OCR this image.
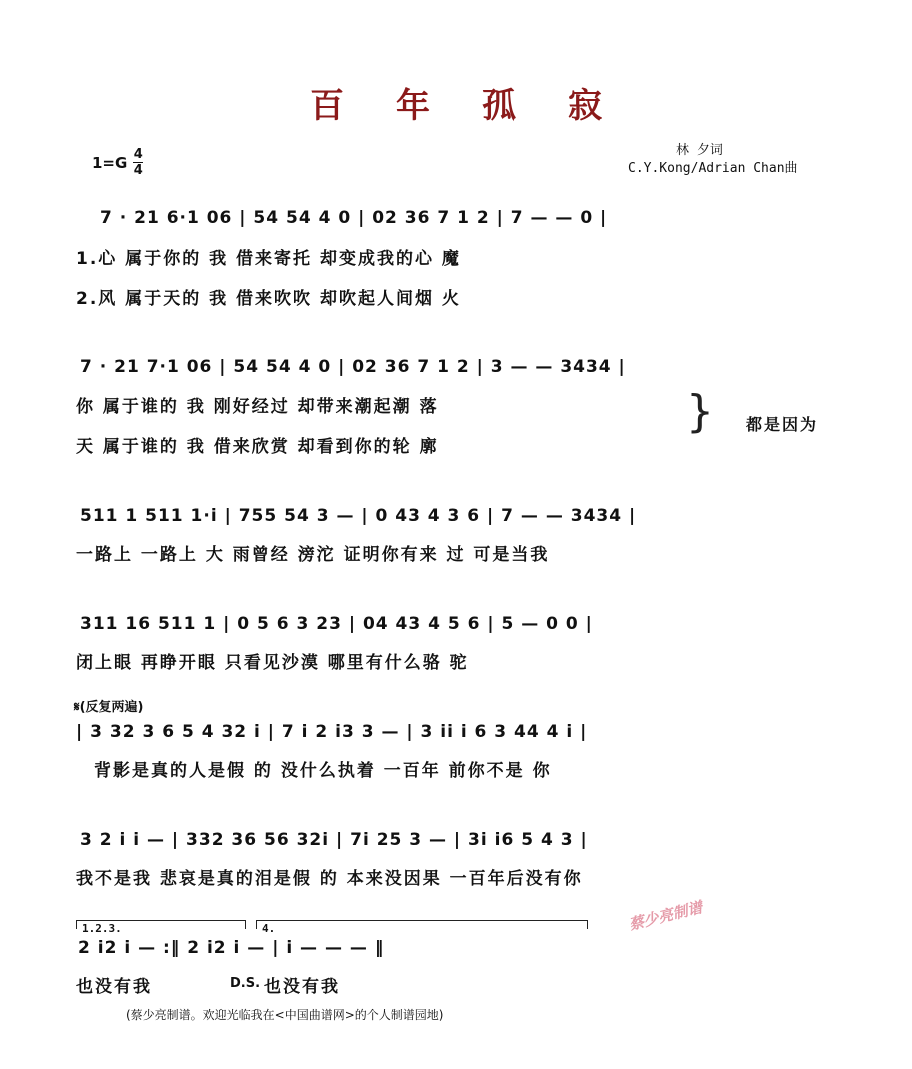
百年孤寂
$1=G \frac{4}{4}$	林 夕词
C.Y.Kong/Adrian Chan曲
7 · 21 6·1 06 | 54 54 4 0 | 02 36 7 1 2 | 7 — — 0 |
1.心 属于你的 我 借来寄托 却变成我的心 魔
2.风 属于天的 我 借来吹吹 却吹起人间烟 火
7 · 21 7·1 06 | 54 54 4 0 | 02 36 7 1 2 | 3 — — 3434 |
你 属于谁的 我 刚好经过 却带来潮起潮 落
天 属于谁的 我 借来欣赏 却看到你的轮 廓
} 都是因为
511 1 511 1·i | 755 54 3 — | 0 43 4 3 6 | 7 — — 3434 |
一路上 一路上 大 雨曾经 滂沱 证明你有来 过 可是当我
311 16 511 1 | 0 5 6 3 23 | 04 43 4 5 6 | 5 — 0 0 |
闭上眼 再睁开眼 只看见沙漠 哪里有什么骆 驼
𝄋(反复两遍)
| 3 32 3 6 5 4 32 i | 7 i 2 i3 3 — | 3 ii i 6 3 44 4 i |
背影是真的人是假 的 没什么执着 一百年 前你不是 你
3 2 i i — | 332 36 56 32i | 7i 25 3 — | 3i i6 5 4 3 |
我不是我 悲哀是真的泪是假 的 本来没因果 一百年后没有你
1.2.3.	4.
2 i2 i — :‖ 2 i2 i — | i — — — ‖
也没有我	D.S. 也没有我
蔡少亮制谱
(蔡少亮制谱。欢迎光临我在<中国曲谱网>的个人制谱园地)
